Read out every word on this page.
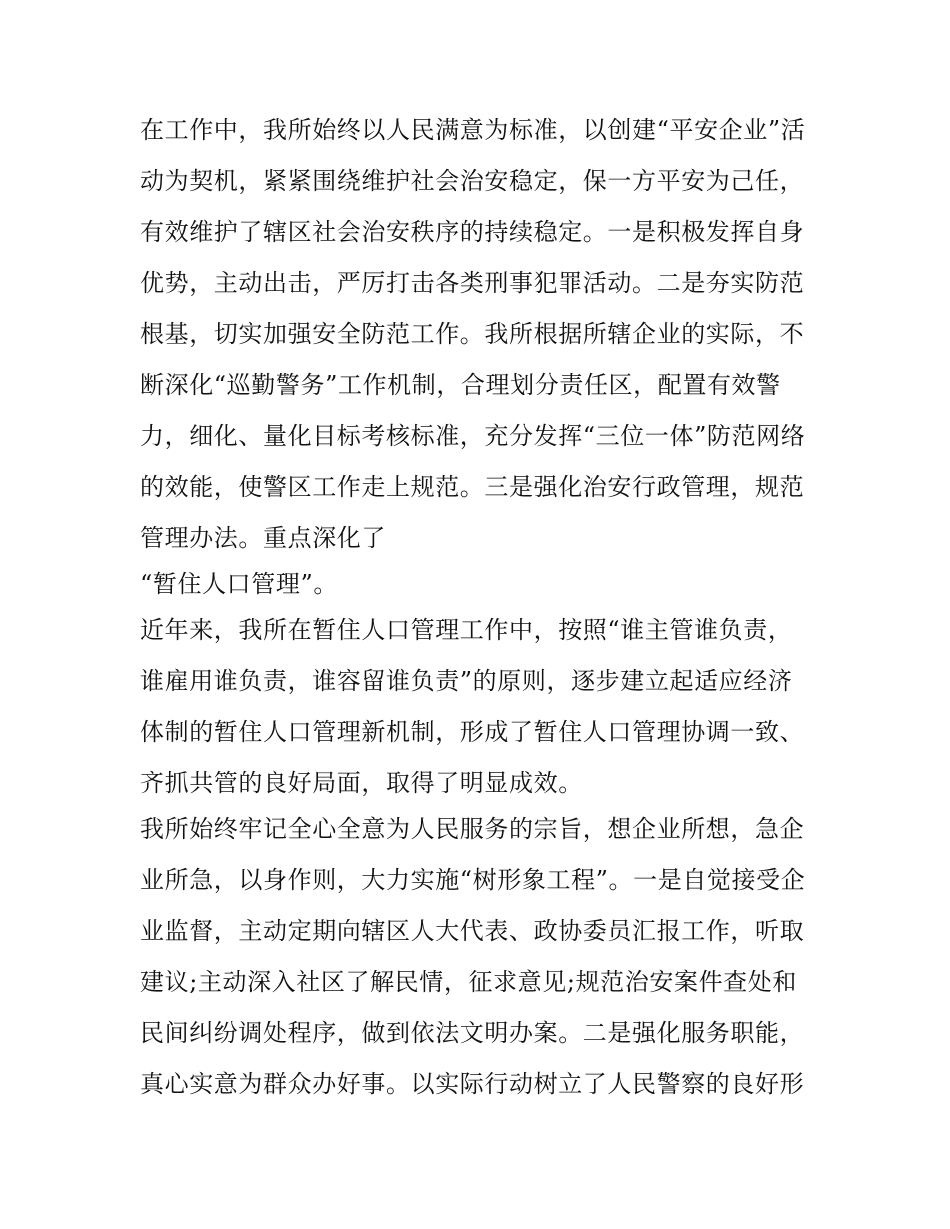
在工作中，我所始终以人民满意为标准，以创建“平安企业”活
动为契机，紧紧围绕维护社会治安稳定，保一方平安为己任，
有效维护了辖区社会治安秩序的持续稳定。一是积极发挥自身
优势，主动出击，严厉打击各类刑事犯罪活动。二是夯实防范
根基，切实加强安全防范工作。我所根据所辖企业的实际，不
断深化“巡勤警务”工作机制，合理划分责任区，配置有效警
力，细化、量化目标考核标准，充分发挥“三位一体”防范网络
的效能，使警区工作走上规范。三是强化治安行政管理，规范
管理办法。重点深化了
“暂住人口管理”。
近年来，我所在暂住人口管理工作中，按照“谁主管谁负责，
谁雇用谁负责，谁容留谁负责”的原则，逐步建立起适应经济
体制的暂住人口管理新机制，形成了暂住人口管理协调一致、
齐抓共管的良好局面，取得了明显成效。
我所始终牢记全心全意为人民服务的宗旨，想企业所想，急企
业所急，以身作则，大力实施“树形象工程”。一是自觉接受企
业监督，主动定期向辖区人大代表、政协委员汇报工作，听取
建议;主动深入社区了解民情，征求意见;规范治安案件查处和
民间纠纷调处程序，做到依法文明办案。二是强化服务职能，
真心实意为群众办好事。以实际行动树立了人民警察的良好形
